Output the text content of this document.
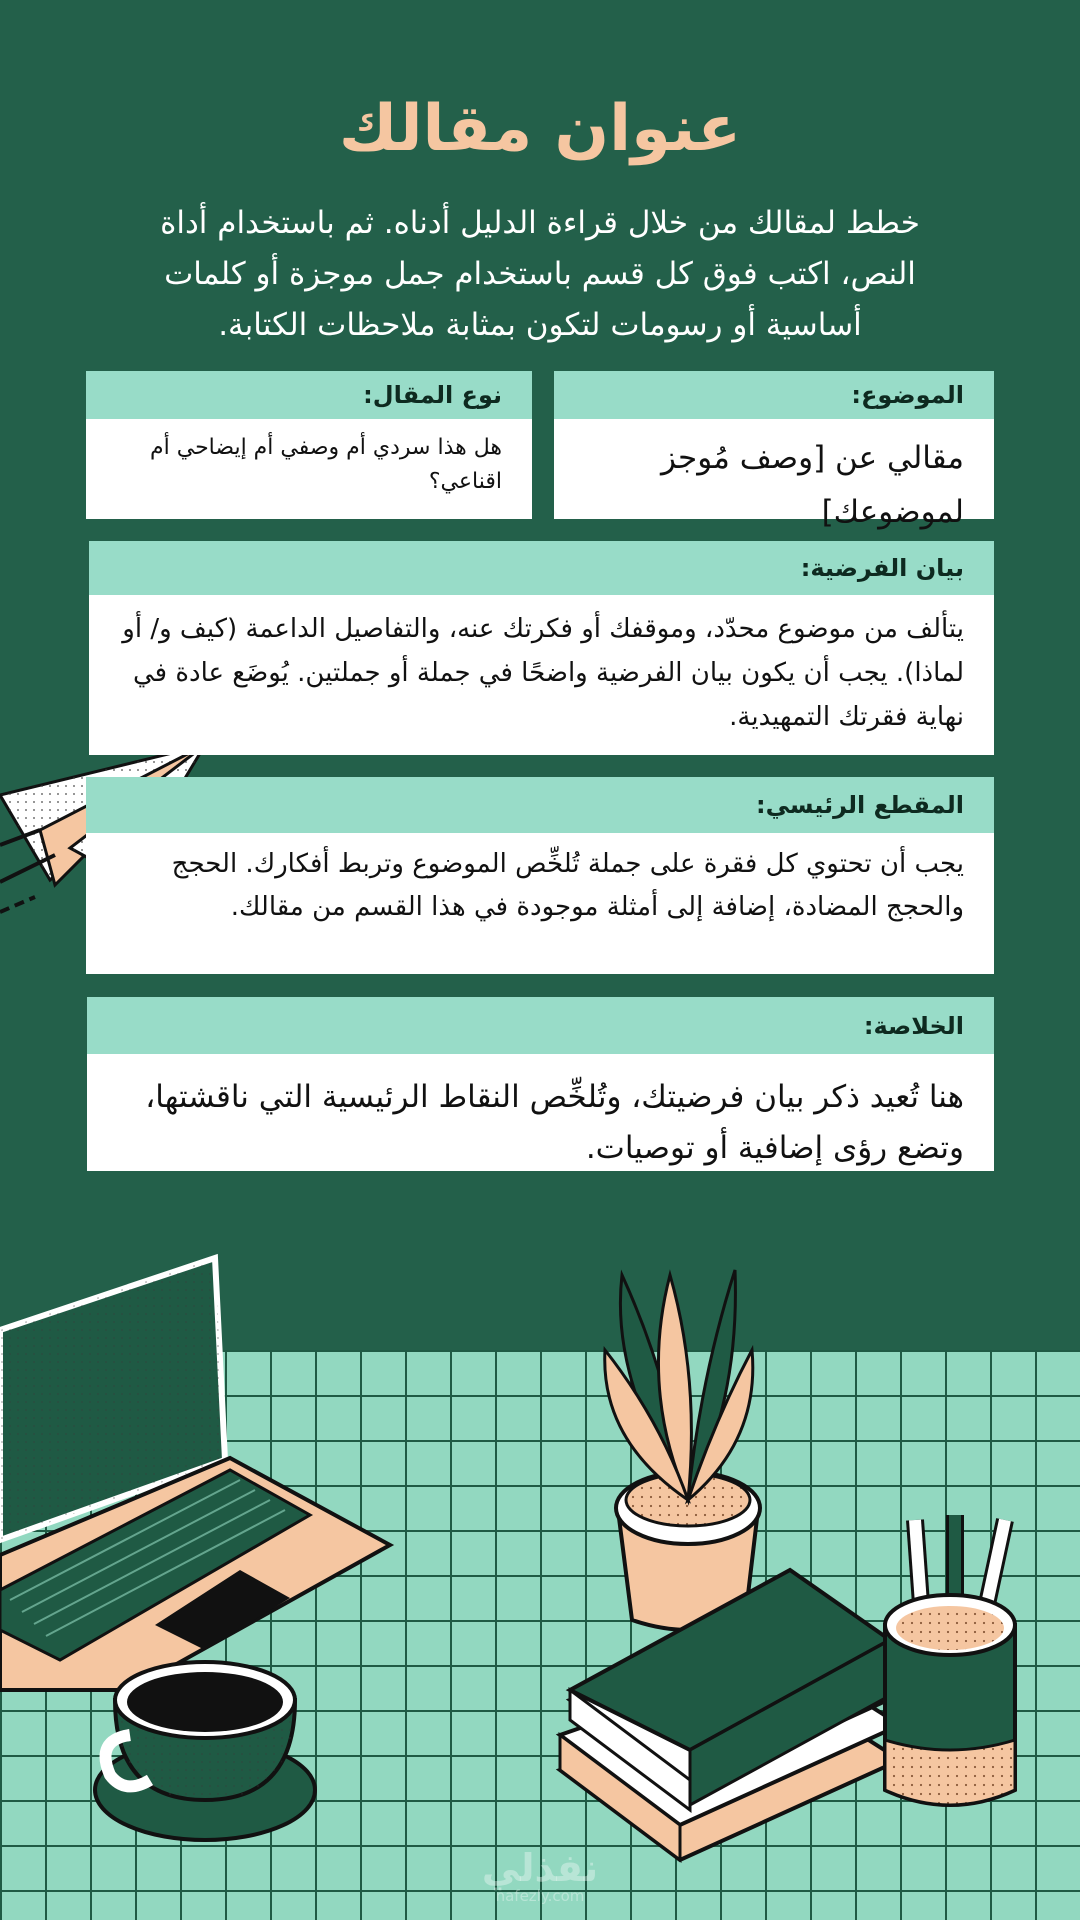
عنوان مقالك

خطط لمقالك من خلال قراءة الدليل أدناه. ثم باستخدام أداة النص، اكتب فوق كل قسم باستخدام جمل موجزة أو كلمات أساسية أو رسومات لتكون بمثابة ملاحظات الكتابة.

الموضوع:
مقالي عن [وصف مُوجز لموضوعك]
نوع المقال:
هل هذا سردي أم وصفي أم إيضاحي أم اقناعي؟
بيان الفرضية:
يتألف من موضوع محدّد، وموقفك أو فكرتك عنه، والتفاصيل الداعمة (كيف و/ أو لماذا). يجب أن يكون بيان الفرضية واضحًا في جملة أو جملتين. يُوضَع عادة في نهاية فقرتك التمهيدية.
المقطع الرئيسي:
يجب أن تحتوي كل فقرة على جملة تُلخِّص الموضوع وتربط أفكارك. الحجج والحجج المضادة، إضافة إلى أمثلة موجودة في هذا القسم من مقالك.
الخلاصة:
هنا تُعيد ذكر بيان فرضيتك، وتُلخِّص النقاط الرئيسية التي ناقشتها، وتضع رؤى إضافية أو توصيات.
نفذلي
nafezly.com
